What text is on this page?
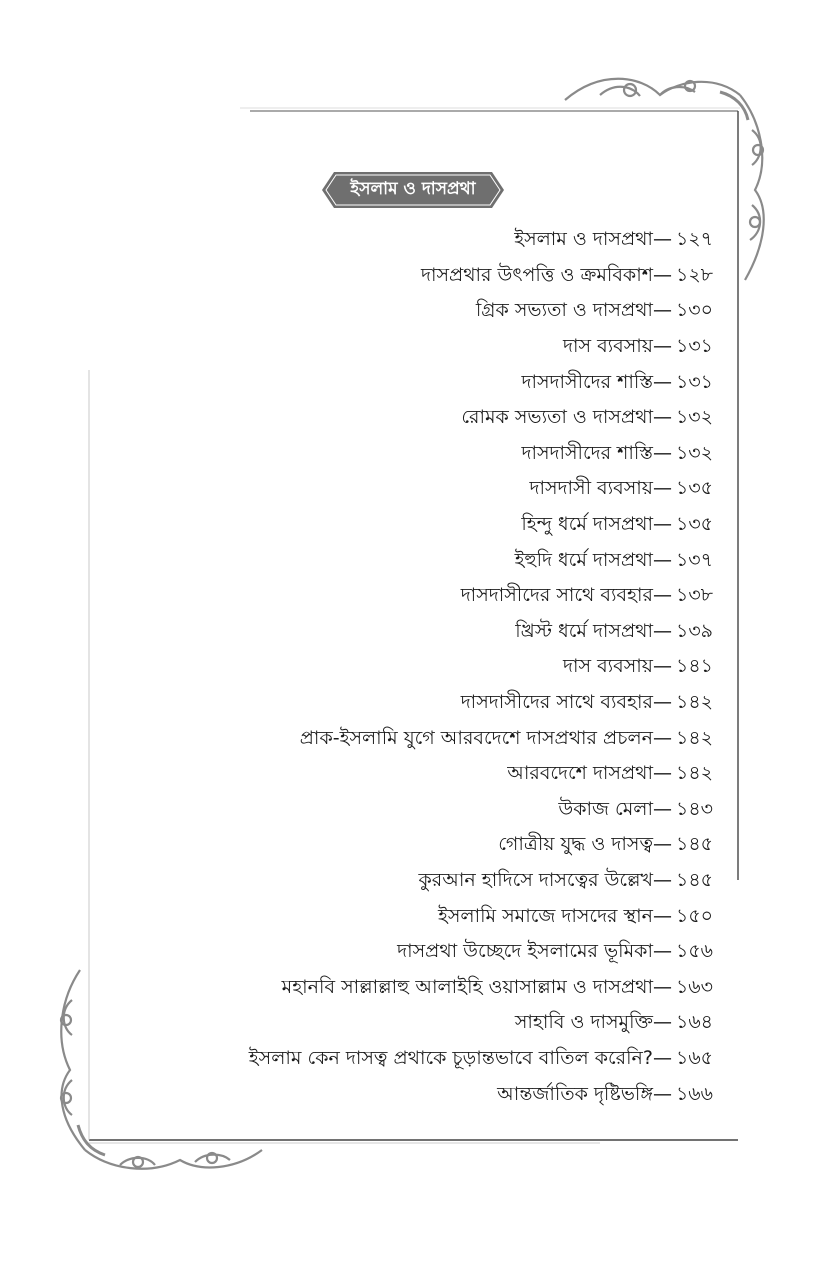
ইসলাম ও দাসপ্রথা
ইসলাম ও দাসপ্রথা — ১২৭
দাসপ্রথার উৎপত্তি ও ক্রমবিকাশ — ১২৮
গ্রিক সভ্যতা ও দাসপ্রথা — ১৩০
দাস ব্যবসায় — ১৩১
দাসদাসীদের শাস্তি — ১৩১
রোমক সভ্যতা ও দাসপ্রথা — ১৩২
দাসদাসীদের শাস্তি — ১৩২
দাসদাসী ব্যবসায় — ১৩৫
হিন্দু ধর্মে দাসপ্রথা — ১৩৫
ইহুদি ধর্মে দাসপ্রথা — ১৩৭
দাসদাসীদের সাথে ব্যবহার — ১৩৮
খ্রিস্ট ধর্মে দাসপ্রথা — ১৩৯
দাস ব্যবসায় — ১৪১
দাসদাসীদের সাথে ব্যবহার — ১৪২
প্রাক-ইসলামি যুগে আরবদেশে দাসপ্রথার প্রচলন — ১৪২
আরবদেশে দাসপ্রথা — ১৪২
উকাজ মেলা — ১৪৩
গোত্রীয় যুদ্ধ ও দাসত্ব — ১৪৫
কুরআন হাদিসে দাসত্বের উল্লেখ — ১৪৫
ইসলামি সমাজে দাসদের স্থান — ১৫০
দাসপ্রথা উচ্ছেদে ইসলামের ভূমিকা — ১৫৬
মহানবি সাল্লাল্লাহু আলাইহি ওয়াসাল্লাম ও দাসপ্রথা — ১৬৩
সাহাবি ও দাসমুক্তি — ১৬৪
ইসলাম কেন দাসত্ব প্রথাকে চূড়ান্তভাবে বাতিল করেনি? — ১৬৫
আন্তর্জাতিক দৃষ্টিভঙ্গি — ১৬৬
